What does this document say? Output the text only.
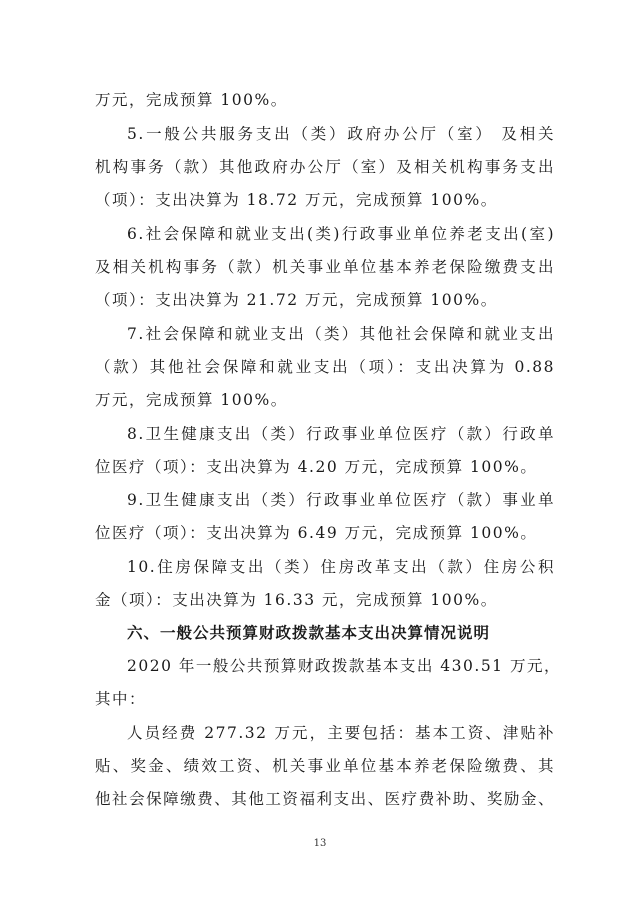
万元，完成预算 100%。
5.一般公共服务支出（类）政府办公厅（室） 及相关
机构事务（款）其他政府办公厅（室）及相关机构事务支出
（项）：支出决算为 18.72 万元，完成预算 100%。
6.社会保障和就业支出(类)行政事业单位养老支出(室)
及相关机构事务（款）机关事业单位基本养老保险缴费支出
（项）：支出决算为 21.72 万元，完成预算 100%。
7.社会保障和就业支出（类）其他社会保障和就业支出
（款）其他社会保障和就业支出（项）：支出决算为 0.88
万元，完成预算 100%。
8.卫生健康支出（类）行政事业单位医疗（款）行政单
位医疗（项）：支出决算为 4.20 万元，完成预算 100%。
9.卫生健康支出（类）行政事业单位医疗（款）事业单
位医疗（项）：支出决算为 6.49 万元，完成预算 100%。
10.住房保障支出（类）住房改革支出（款）住房公积
金（项）：支出决算为 16.33 元，完成预算 100%。
六、一般公共预算财政拨款基本支出决算情况说明
2020 年一般公共预算财政拨款基本支出 430.51 万元，
其中：
人员经费 277.32 万元，主要包括：基本工资、津贴补
贴、奖金、绩效工资、机关事业单位基本养老保险缴费、其
他社会保障缴费、其他工资福利支出、医疗费补助、奖励金、
13
